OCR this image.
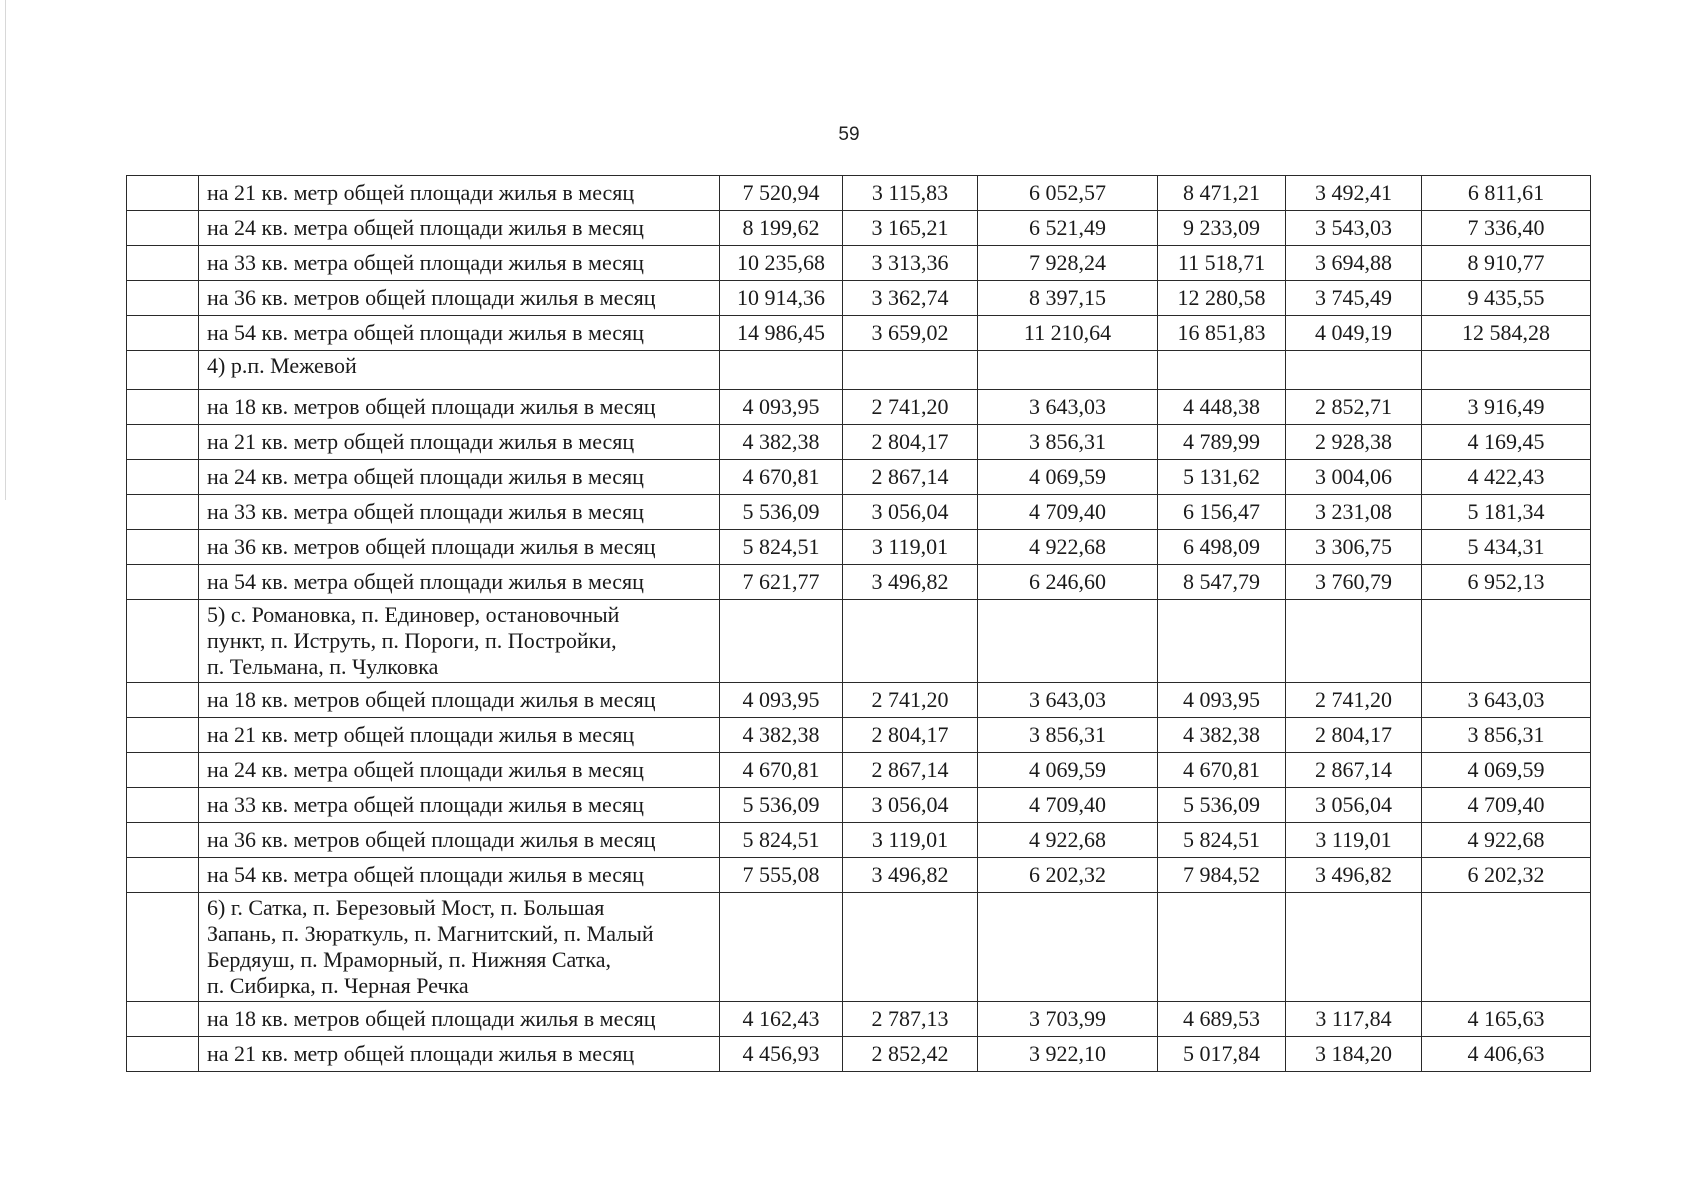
59
	на 21 кв. метр общей площади жилья в месяц	7 520,94	3 115,83	6 052,57	8 471,21	3 492,41	6 811,61
	на 24 кв. метра общей площади жилья в месяц	8 199,62	3 165,21	6 521,49	9 233,09	3 543,03	7 336,40
	на 33 кв. метра общей площади жилья в месяц	10 235,68	3 313,36	7 928,24	11 518,71	3 694,88	8 910,77
	на 36 кв. метров общей площади жилья в месяц	10 914,36	3 362,74	8 397,15	12 280,58	3 745,49	9 435,55
	на 54 кв. метра общей площади жилья в месяц	14 986,45	3 659,02	11 210,64	16 851,83	4 049,19	12 584,28
	4) р.п. Межевой						
	на 18 кв. метров общей площади жилья в месяц	4 093,95	2 741,20	3 643,03	4 448,38	2 852,71	3 916,49
	на 21 кв. метр общей площади жилья в месяц	4 382,38	2 804,17	3 856,31	4 789,99	2 928,38	4 169,45
	на 24 кв. метра общей площади жилья в месяц	4 670,81	2 867,14	4 069,59	5 131,62	3 004,06	4 422,43
	на 33 кв. метра общей площади жилья в месяц	5 536,09	3 056,04	4 709,40	6 156,47	3 231,08	5 181,34
	на 36 кв. метров общей площади жилья в месяц	5 824,51	3 119,01	4 922,68	6 498,09	3 306,75	5 434,31
	на 54 кв. метра общей площади жилья в месяц	7 621,77	3 496,82	6 246,60	8 547,79	3 760,79	6 952,13

	5) с. Романовка, п. Единовер, остановочный
пункт, п. Иструть, п. Пороги, п. Постройки,
п. Тельмана, п. Чулковка						

	на 18 кв. метров общей площади жилья в месяц	4 093,95	2 741,20	3 643,03	4 093,95	2 741,20	3 643,03
	на 21 кв. метр общей площади жилья в месяц	4 382,38	2 804,17	3 856,31	4 382,38	2 804,17	3 856,31
	на 24 кв. метра общей площади жилья в месяц	4 670,81	2 867,14	4 069,59	4 670,81	2 867,14	4 069,59
	на 33 кв. метра общей площади жилья в месяц	5 536,09	3 056,04	4 709,40	5 536,09	3 056,04	4 709,40
	на 36 кв. метров общей площади жилья в месяц	5 824,51	3 119,01	4 922,68	5 824,51	3 119,01	4 922,68
	на 54 кв. метра общей площади жилья в месяц	7 555,08	3 496,82	6 202,32	7 984,52	3 496,82	6 202,32

	6) г. Сатка, п. Березовый Мост, п. Большая
Запань, п. Зюраткуль, п. Магнитский, п. Малый
Бердяуш, п. Мраморный, п. Нижняя Сатка,
п. Сибирка, п. Черная Речка						

	на 18 кв. метров общей площади жилья в месяц	4 162,43	2 787,13	3 703,99	4 689,53	3 117,84	4 165,63
	на 21 кв. метр общей площади жилья в месяц	4 456,93	2 852,42	3 922,10	5 017,84	3 184,20	4 406,63
